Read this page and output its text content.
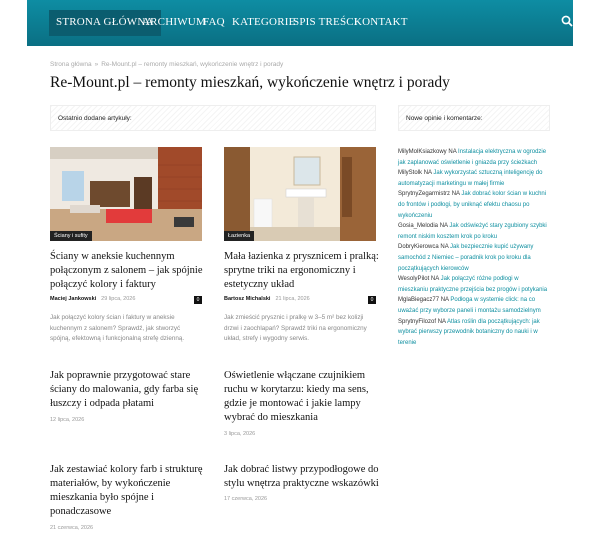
STRONA GŁÓWNA
ARCHIWUM
FAQ KATEGORIE
SPIS TREŚCI
KONTAKT
Strona główna » Re-Mount.pl – remonty mieszkań, wykończenie wnętrz i porady
Re-Mount.pl – remonty mieszkań, wykończenie wnętrz i porady
Ostatnio dodane artykuły:	Nowe opinie i komentarze:
Ściany i sufity
Ściany w aneksie kuchennym połączonym z salonem – jak spójnie połączyć kolory i faktury
Maciej Jankowski 29 lipca, 2026	0
Jak połączyć kolory ścian i faktury w aneksie kuchennym z salonem? Sprawdź, jak stworzyć spójną, efektowną i funkcjonalną strefę dzienną.
Łazienka
Mała łazienka z prysznicem i pralką: sprytne triki na ergonomiczny i estetyczny układ
Bartosz Michalski 21 lipca, 2026	0
Jak zmieścić prysznic i pralkę w 3–5 m² bez kolizji drzwi i zaochlapań? Sprawdź triki na ergonomiczny układ, strefy i wygodny serwis.
Jak poprawnie przygotować stare ściany do malowania, gdy farba się łuszczy i odpada płatami
12 lipca, 2026
Oświetlenie włączane czujnikiem ruchu w korytarzu: kiedy ma sens, gdzie je montować i jakie lampy wybrać do mieszkania
3 lipca, 2026
Jak zestawiać kolory farb i strukturę materiałów, by wykończenie mieszkania było spójne i ponadczasowe
21 czerwca, 2026
Jak dobrać listwy przypodłogowe do stylu wnętrza praktyczne wskazówki
17 czerwca, 2026
MilyMolKsiazkowy NA Instalacja elektryczna w ogrodzie jak zaplanować oświetlenie i gniazda przy ścieżkach
MilyStolk NA Jak wykorzystać sztuczną inteligencję do automatyzacji marketingu w małej firmie
SprytnyZegarmistrz NA Jak dobrać kolor ścian w kuchni do frontów i podłogi, by uniknąć efektu chaosu po wykończeniu
Gosia_Melodia NA Jak odświeżyć stary zgubiony szybki remont niskim kosztem krok po kroku
DobryKierowca NA Jak bezpiecznie kupić używany samochód z Niemiec – poradnik krok po kroku dla początkujących kierowców
WesolyPilot NA Jak połączyć różne podłogi w mieszkaniu praktyczne przejścia bez progów i potykania
MglaBiegacz77 NA Podłoga w systemie click: na co uważać przy wyborze paneli i montażu samodzielnym
SprytnyFilozof NA Atlas roślin dla początkujących: jak wybrać pierwszy przewodnik botaniczny do nauki i w terenie
